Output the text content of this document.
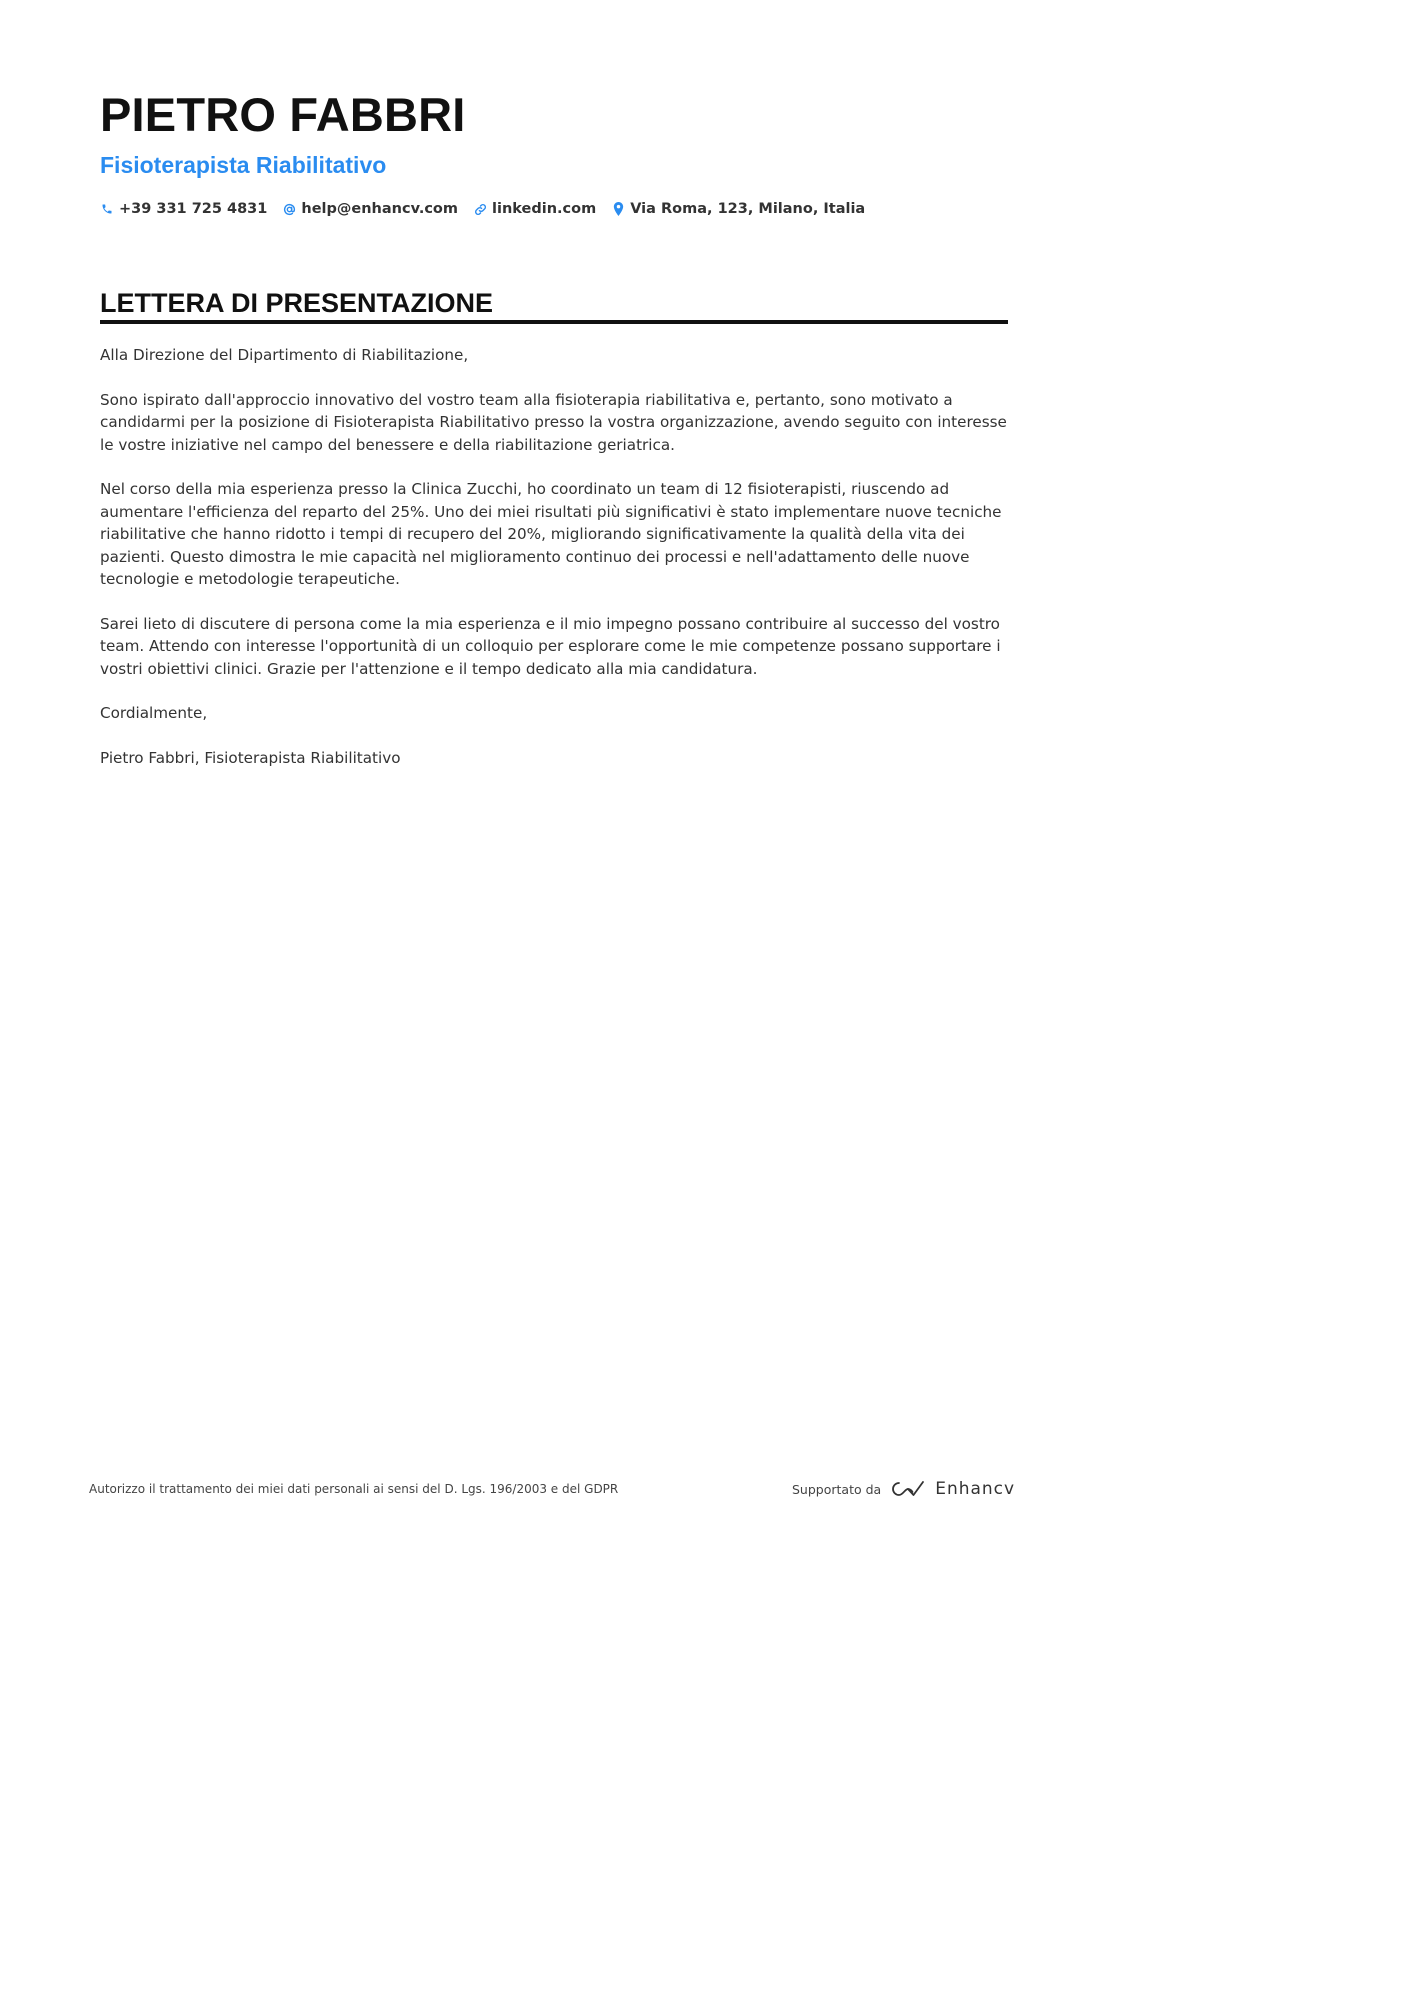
PIETRO FABBRI
Fisioterapista Riabilitativo
+39 331 725 4831 help@enhancv.com linkedin.com Via Roma, 123, Milano, Italia
LETTERA DI PRESENTAZIONE

Alla Direzione del Dipartimento di Riabilitazione,

Sono ispirato dall'approccio innovativo del vostro team alla fisioterapia riabilitativa e, pertanto, sono motivato a candidarmi per la posizione di Fisioterapista Riabilitativo presso la vostra organizzazione, avendo seguito con interesse le vostre iniziative nel campo del benessere e della riabilitazione geriatrica.

Nel corso della mia esperienza presso la Clinica Zucchi, ho coordinato un team di 12 fisioterapisti, riuscendo ad aumentare l'efficienza del reparto del 25%. Uno dei miei risultati più significativi è stato implementare nuove tecniche riabilitative che hanno ridotto i tempi di recupero del 20%, migliorando significativamente la qualità della vita dei pazienti. Questo dimostra le mie capacità nel miglioramento continuo dei processi e nell'adattamento delle nuove tecnologie e metodologie terapeutiche.

Sarei lieto di discutere di persona come la mia esperienza e il mio impegno possano contribuire al successo del vostro team. Attendo con interesse l'opportunità di un colloquio per esplorare come le mie competenze possano supportare i vostri obiettivi clinici. Grazie per l'attenzione e il tempo dedicato alla mia candidatura.

Cordialmente,

Pietro Fabbri, Fisioterapista Riabilitativo

Autorizzo il trattamento dei miei dati personali ai sensi del D. Lgs. 196/2003 e del GDPR	Supportato da	Enhancv
